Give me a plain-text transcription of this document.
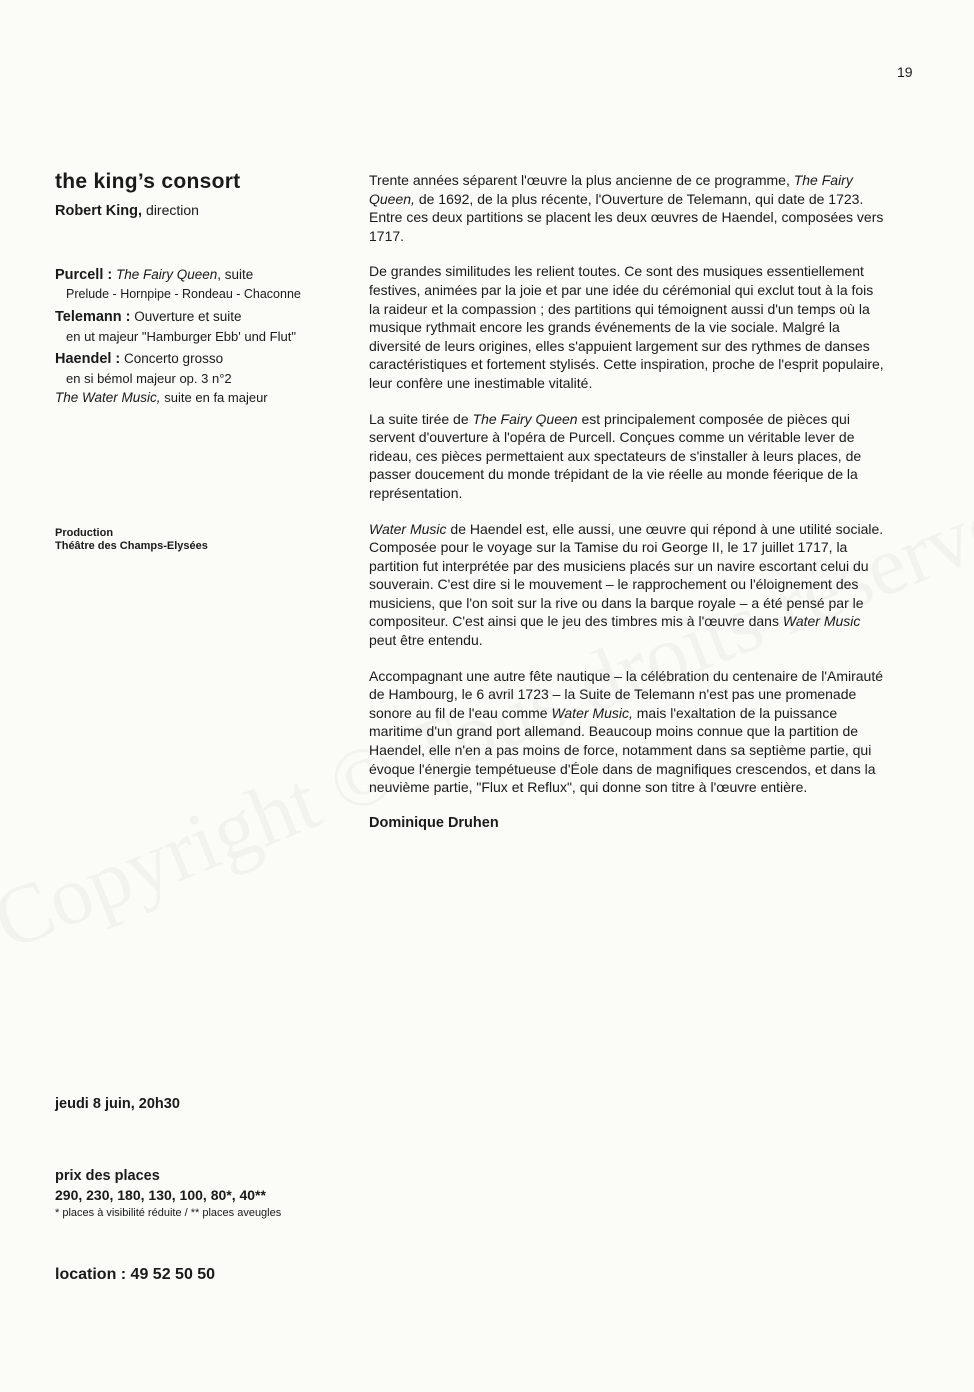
19
the king’s consort
Robert King, direction
Purcell : The Fairy Queen, suite
Prelude - Hornpipe - Rondeau - Chaconne
Telemann : Ouverture et suite
en ut majeur "Hamburger Ebb' und Flut"
Haendel : Concerto grosso
en si bémol majeur op. 3 n°2
The Water Music, suite en fa majeur
Production
Théâtre des Champs-Elysées
jeudi 8 juin, 20h30
prix des places
290, 230, 180, 130, 100, 80*, 40**
* places à visibilité réduite / ** places aveugles
location : 49 52 50 50

Trente années séparent l'œuvre la plus ancienne de ce programme, The Fairy Queen, de 1692, de la plus récente, l'Ouverture de Telemann, qui date de 1723. Entre ces deux partitions se placent les deux œuvres de Haendel, composées vers 1717.

De grandes similitudes les relient toutes. Ce sont des musiques essentiellement festives, animées par la joie et par une idée du cérémonial qui exclut tout à la fois la raideur et la compassion ; des partitions qui témoignent aussi d'un temps où la musique rythmait encore les grands événements de la vie sociale. Malgré la diversité de leurs origines, elles s'appuient largement sur des rythmes de danses caractéristiques et fortement stylisés. Cette inspiration, proche de l'esprit populaire, leur confère une inestimable vitalité.

La suite tirée de The Fairy Queen est principalement composée de pièces qui servent d'ouverture à l'opéra de Purcell. Conçues comme un véritable lever de rideau, ces pièces permettaient aux spectateurs de s'installer à leurs places, de passer doucement du monde trépidant de la vie réelle au monde féerique de la représentation.

Water Music de Haendel est, elle aussi, une œuvre qui répond à une utilité sociale. Composée pour le voyage sur la Tamise du roi George II, le 17 juillet 1717, la partition fut interprétée par des musiciens placés sur un navire escortant celui du souverain. C'est dire si le mouvement – le rapprochement ou l'éloignement des musiciens, que l'on soit sur la rive ou dans la barque royale – a été pensé par le compositeur. C'est ainsi que le jeu des timbres mis à l'œuvre dans Water Music peut être entendu.

Accompagnant une autre fête nautique – la célébration du centenaire de l'Amirauté de Hambourg, le 6 avril 1723 – la Suite de Telemann n'est pas une promenade sonore au fil de l'eau comme Water Music, mais l'exaltation de la puissance maritime d'un grand port allemand. Beaucoup moins connue que la partition de Haendel, elle n'en a pas moins de force, notamment dans sa septième partie, qui évoque l'énergie tempétueuse d'Éole dans de magnifiques crescendos, et dans la neuvième partie, "Flux et Reflux", qui donne son titre à l'œuvre entière.

Dominique Druhen
